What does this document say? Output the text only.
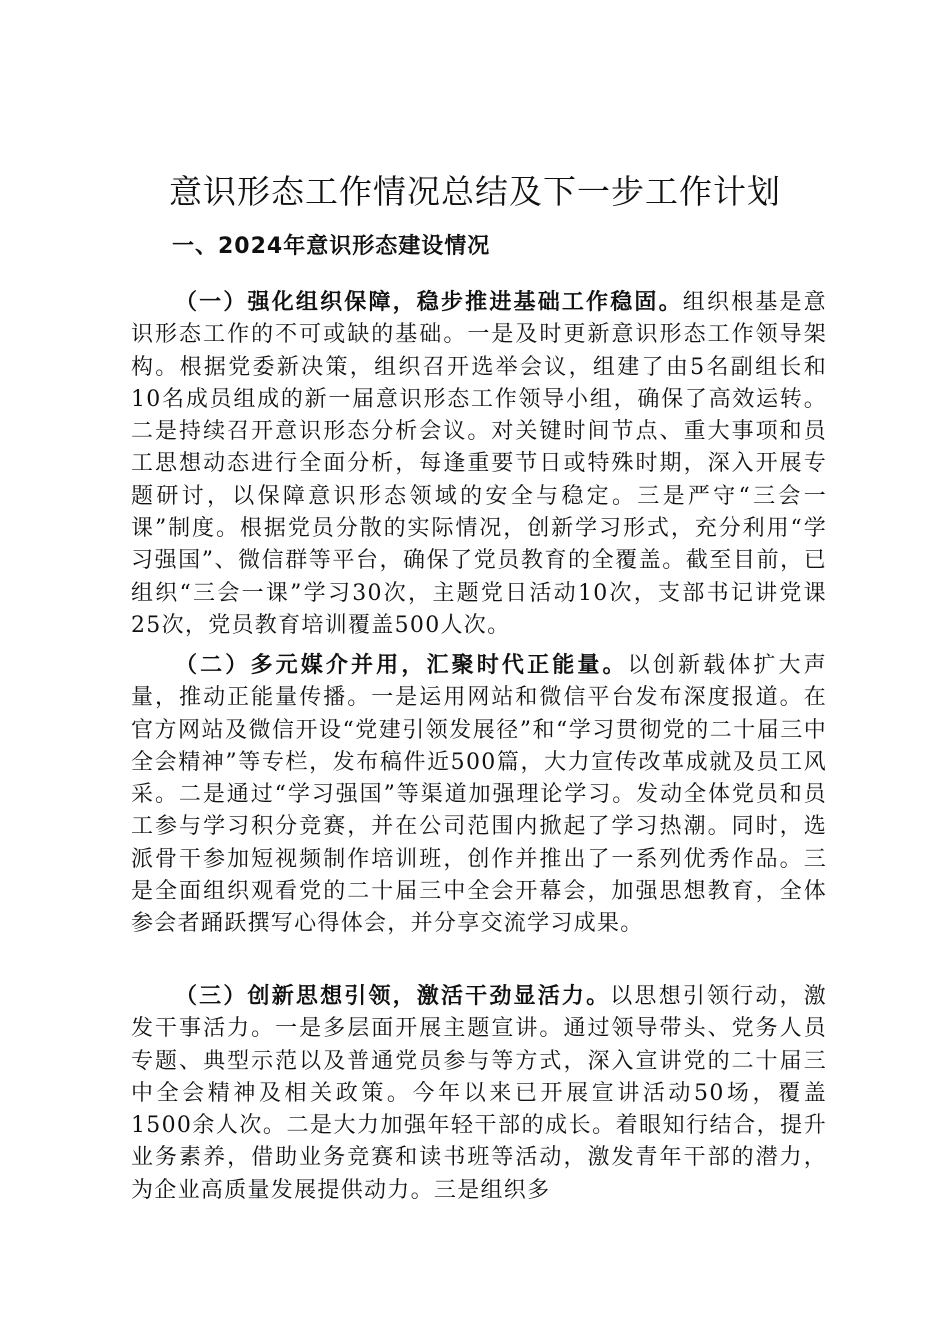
意识形态工作情况总结及下一步工作计划
一、2024年意识形态建设情况

（一）强化组织保障，稳步推进基础工作稳固。组织根基是意识形态工作的不可或缺的基础。一是及时更新意识形态工作领导架构。根据党委新决策，组织召开选举会议，组建了由5名副组长和10名成员组成的新一届意识形态工作领导小组，确保了高效运转。二是持续召开意识形态分析会议。对关键时间节点、重大事项和员工思想动态进行全面分析，每逢重要节日或特殊时期，深入开展专题研讨，以保障意识形态领域的安全与稳定。三是严守“三会一课”制度。根据党员分散的实际情况，创新学习形式，充分利用“学习强国”、微信群等平台，确保了党员教育的全覆盖。截至目前，已组织“三会一课”学习30次，主题党日活动10次，支部书记讲党课25次，党员教育培训覆盖500人次。

（二）多元媒介并用，汇聚时代正能量。以创新载体扩大声量，推动正能量传播。一是运用网站和微信平台发布深度报道。在官方网站及微信开设“党建引领发展径”和“学习贯彻党的二十届三中全会精神”等专栏，发布稿件近500篇，大力宣传改革成就及员工风采。二是通过“学习强国”等渠道加强理论学习。发动全体党员和员工参与学习积分竞赛，并在公司范围内掀起了学习热潮。同时，选派骨干参加短视频制作培训班，创作并推出了一系列优秀作品。三是全面组织观看党的二十届三中全会开幕会，加强思想教育，全体参会者踊跃撰写心得体会，并分享交流学习成果。

（三）创新思想引领，激活干劲显活力。以思想引领行动，激发干事活力。一是多层面开展主题宣讲。通过领导带头、党务人员专题、典型示范以及普通党员参与等方式，深入宣讲党的二十届三中全会精神及相关政策。今年以来已开展宣讲活动50场，覆盖1500余人次。二是大力加强年轻干部的成长。着眼知行结合，提升业务素养，借助业务竞赛和读书班等活动，激发青年干部的潜力，为企业高质量发展提供动力。三是组织多
